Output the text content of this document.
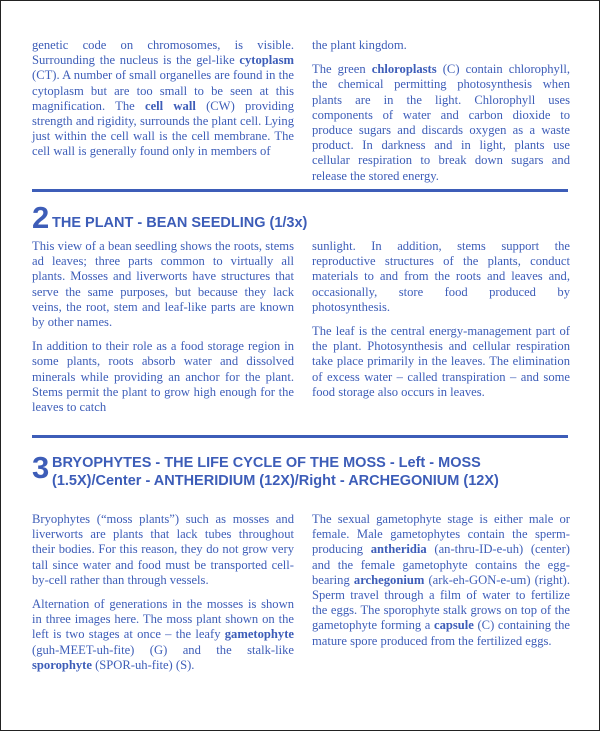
genetic code on chromosomes, is visible. Surrounding the nucleus is the gel-like cytoplasm (CT). A number of small organelles are found in the cytoplasm but are too small to be seen at this magnification. The cell wall (CW) providing strength and rigidity, surrounds the plant cell. Lying just within the cell wall is the cell membrane. The cell wall is generally found only in members of

the plant kingdom.

The green chloroplasts (C) contain chlorophyll, the chemical permitting photosynthesis when plants are in the light. Chlorophyll uses components of water and carbon dioxide to produce sugars and discards oxygen as a waste product. In darkness and in light, plants use cellular respiration to break down sugars and release the stored energy.

2 THE PLANT - BEAN SEEDLING (1/3x)

This view of a bean seedling shows the roots, stems ad leaves; three parts common to virtually all plants. Mosses and liverworts have structures that serve the same purposes, but because they lack veins, the root, stem and leaf-like parts are known by other names.

In addition to their role as a food storage region in some plants, roots absorb water and dissolved minerals while providing an anchor for the plant. Stems permit the plant to grow high enough for the leaves to catch

sunlight. In addition, stems support the reproductive structures of the plants, conduct materials to and from the roots and leaves and, occasionally, store food produced by photosynthesis.

The leaf is the central energy-management part of the plant. Photosynthesis and cellular respiration take place primarily in the leaves. The elimination of excess water – called transpiration – and some food storage also occurs in leaves.

3 BRYOPHYTES - THE LIFE CYCLE OF THE MOSS - Left - MOSS
(1.5X)/Center - ANTHERIDIUM (12X)/Right - ARCHEGONIUM (12X)

Bryophytes (“moss plants”) such as mosses and liverworts are plants that lack tubes throughout their bodies. For this reason, they do not grow very tall since water and food must be transported cell-by-cell rather than through vessels.

Alternation of generations in the mosses is shown in three images here. The moss plant shown on the left is two stages at once – the leafy gametophyte (guh-MEET-uh-fite) (G) and the stalk-like sporophyte (SPOR-uh-fite) (S).

The sexual gametophyte stage is either male or female. Male gametophytes contain the sperm-producing antheridia (an-thru-ID-e-uh) (center) and the female gametophyte contains the egg-bearing archegonium (ark-eh-GON-e-um) (right). Sperm travel through a film of water to fertilize the eggs. The sporophyte stalk grows on top of the gametophyte forming a capsule (C) containing the mature spore produced from the fertilized eggs.
